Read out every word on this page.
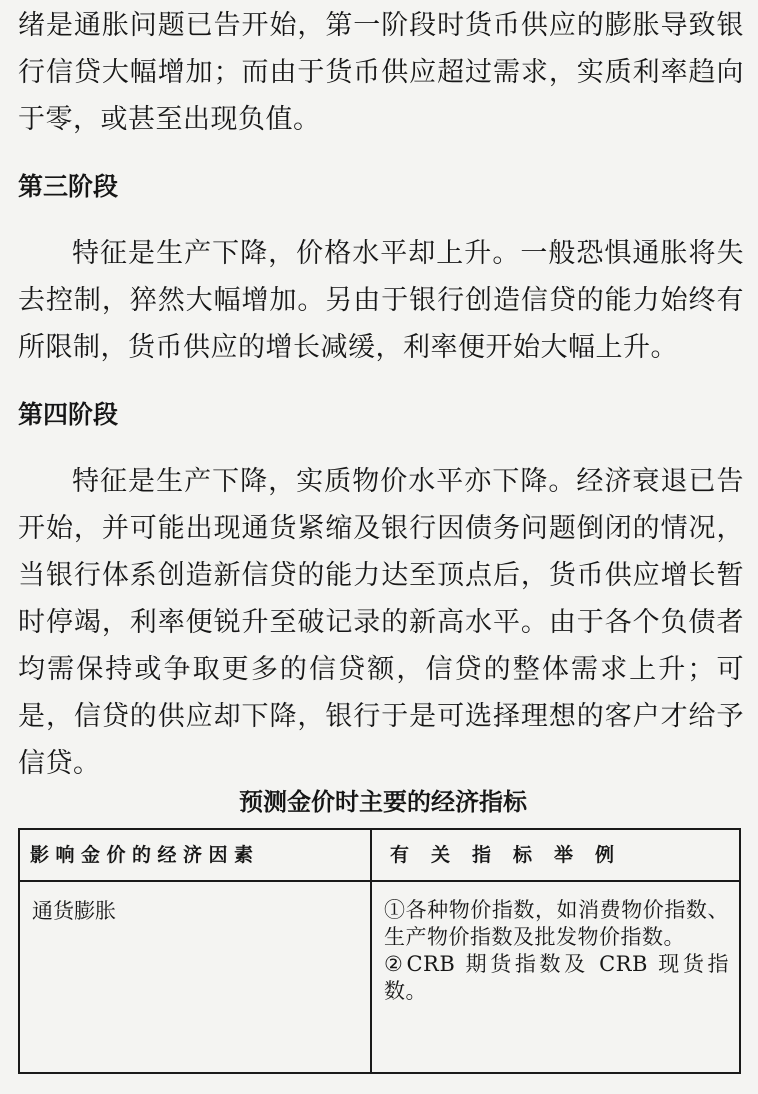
绪是通胀问题已告开始，第一阶段时货币供应的膨胀导致银行信贷大幅增加；而由于货币供应超过需求，实质利率趋向于零，或甚至出现负值。
第三阶段
特征是生产下降，价格水平却上升。一般恐惧通胀将失去控制，猝然大幅增加。另由于银行创造信贷的能力始终有所限制，货币供应的增长减缓，利率便开始大幅上升。
第四阶段
特征是生产下降，实质物价水平亦下降。经济衰退已告开始，并可能出现通货紧缩及银行因债务问题倒闭的情况，当银行体系创造新信贷的能力达至顶点后，货币供应增长暂时停竭，利率便锐升至破记录的新高水平。由于各个负债者均需保持或争取更多的信贷额，信贷的整体需求上升；可是，信贷的供应却下降，银行于是可选择理想的客户才给予信贷。
预测金价时主要的经济指标
影响金价的经济因素	有关指标举例
通货膨胀	①各种物价指数，如消费物价指数、生产物价指数及批发物价指数。

②CRB 期货指数及 CRB 现货指数。
